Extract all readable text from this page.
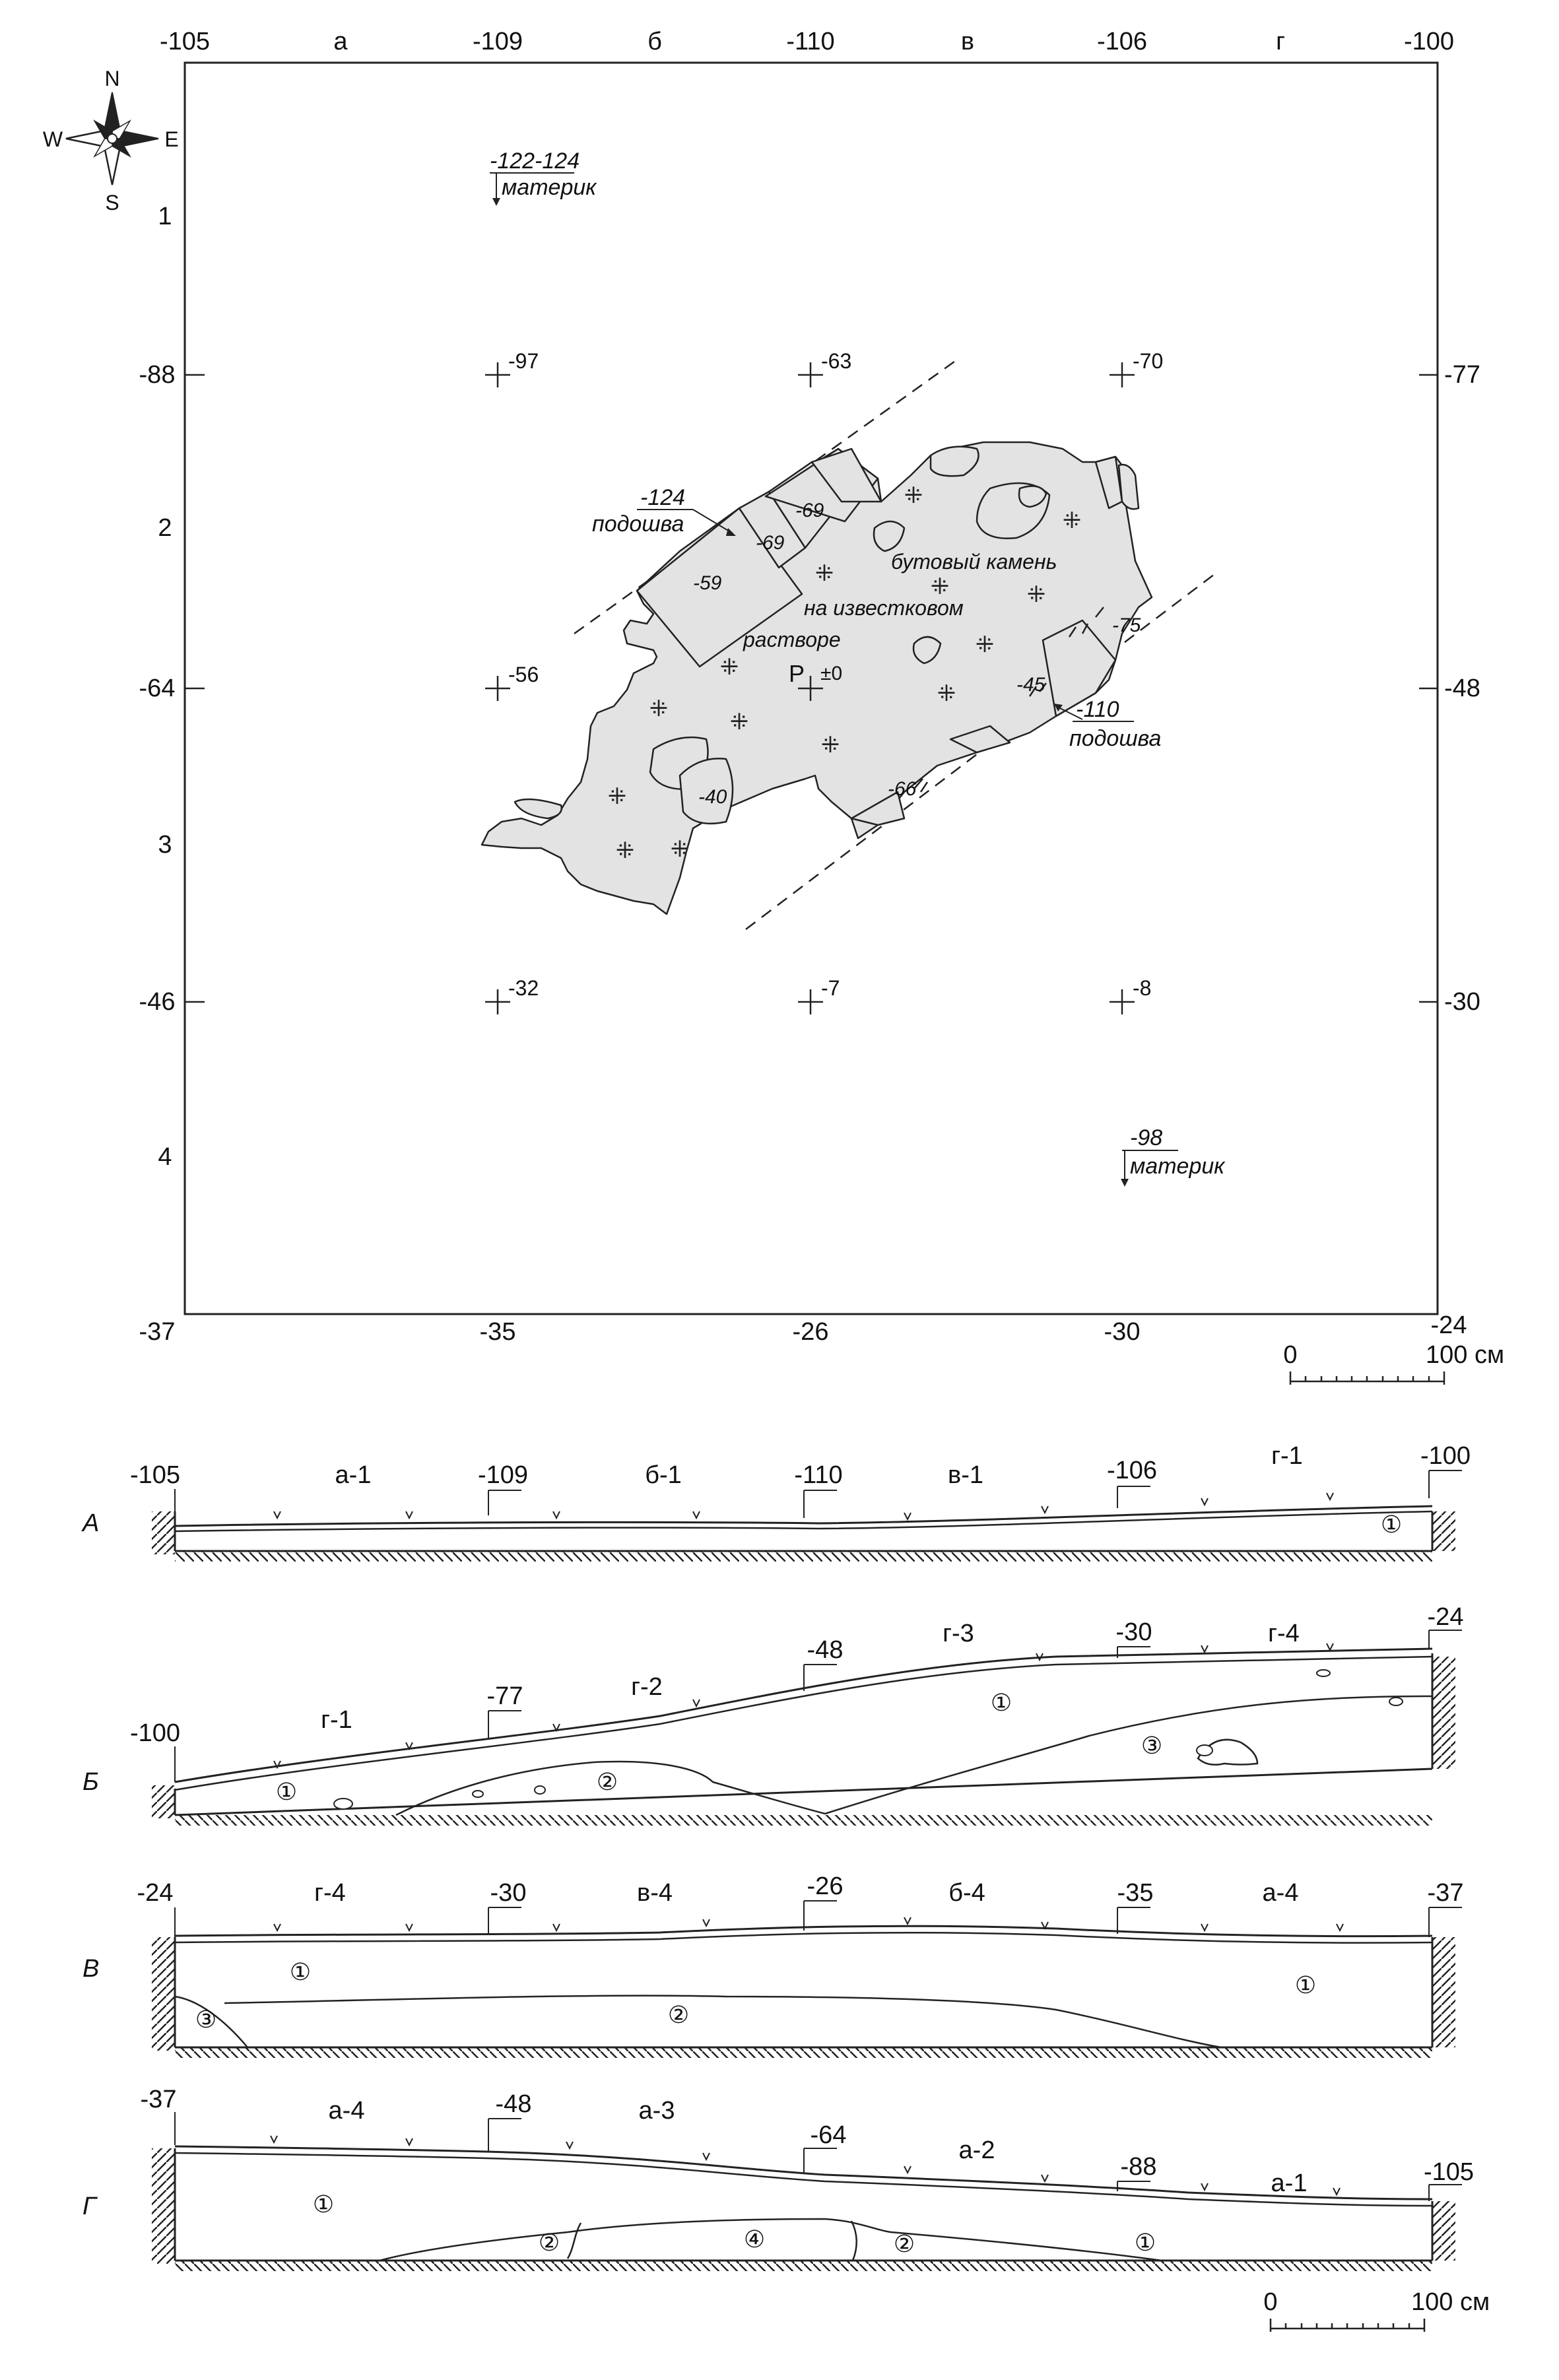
-105	а	-109	б	-110	в	-106	г	-100
-37	-35	-26	-30	-24
1
-88
2
-64
3
-46
4
-77
-48
-30
N
S
W	E
-122-124
материк
-98
материк
-97	-63	-70
-56
-32	-7	-8
⁜
⁜
⁜
⁜	⁜
⁜
⁜
⁜
⁜
⁜
⁜
⁜
⁜ ⁜
бутовый камень
на известковом
растворе
-59
-69
-69
-75
-45
-66
-40
Р ±0
-124
подошва
-110
подошва
0	100 см
А
-105	-109	-110	-106
-100
а-1	б-1	в-1
г-1
①
Б
-100
-77
-48
-30
-24
г-1
г-2
г-3	г-4
①	②
①
③
В
-24	-30	-26	-35	-37
г-4	в-4	б-4	а-4
①
③	②
①
Г
-37	-48
-64
-88	-105
а-4	а-3
а-2
а-1
①
②	④	②	①
0	100 см
